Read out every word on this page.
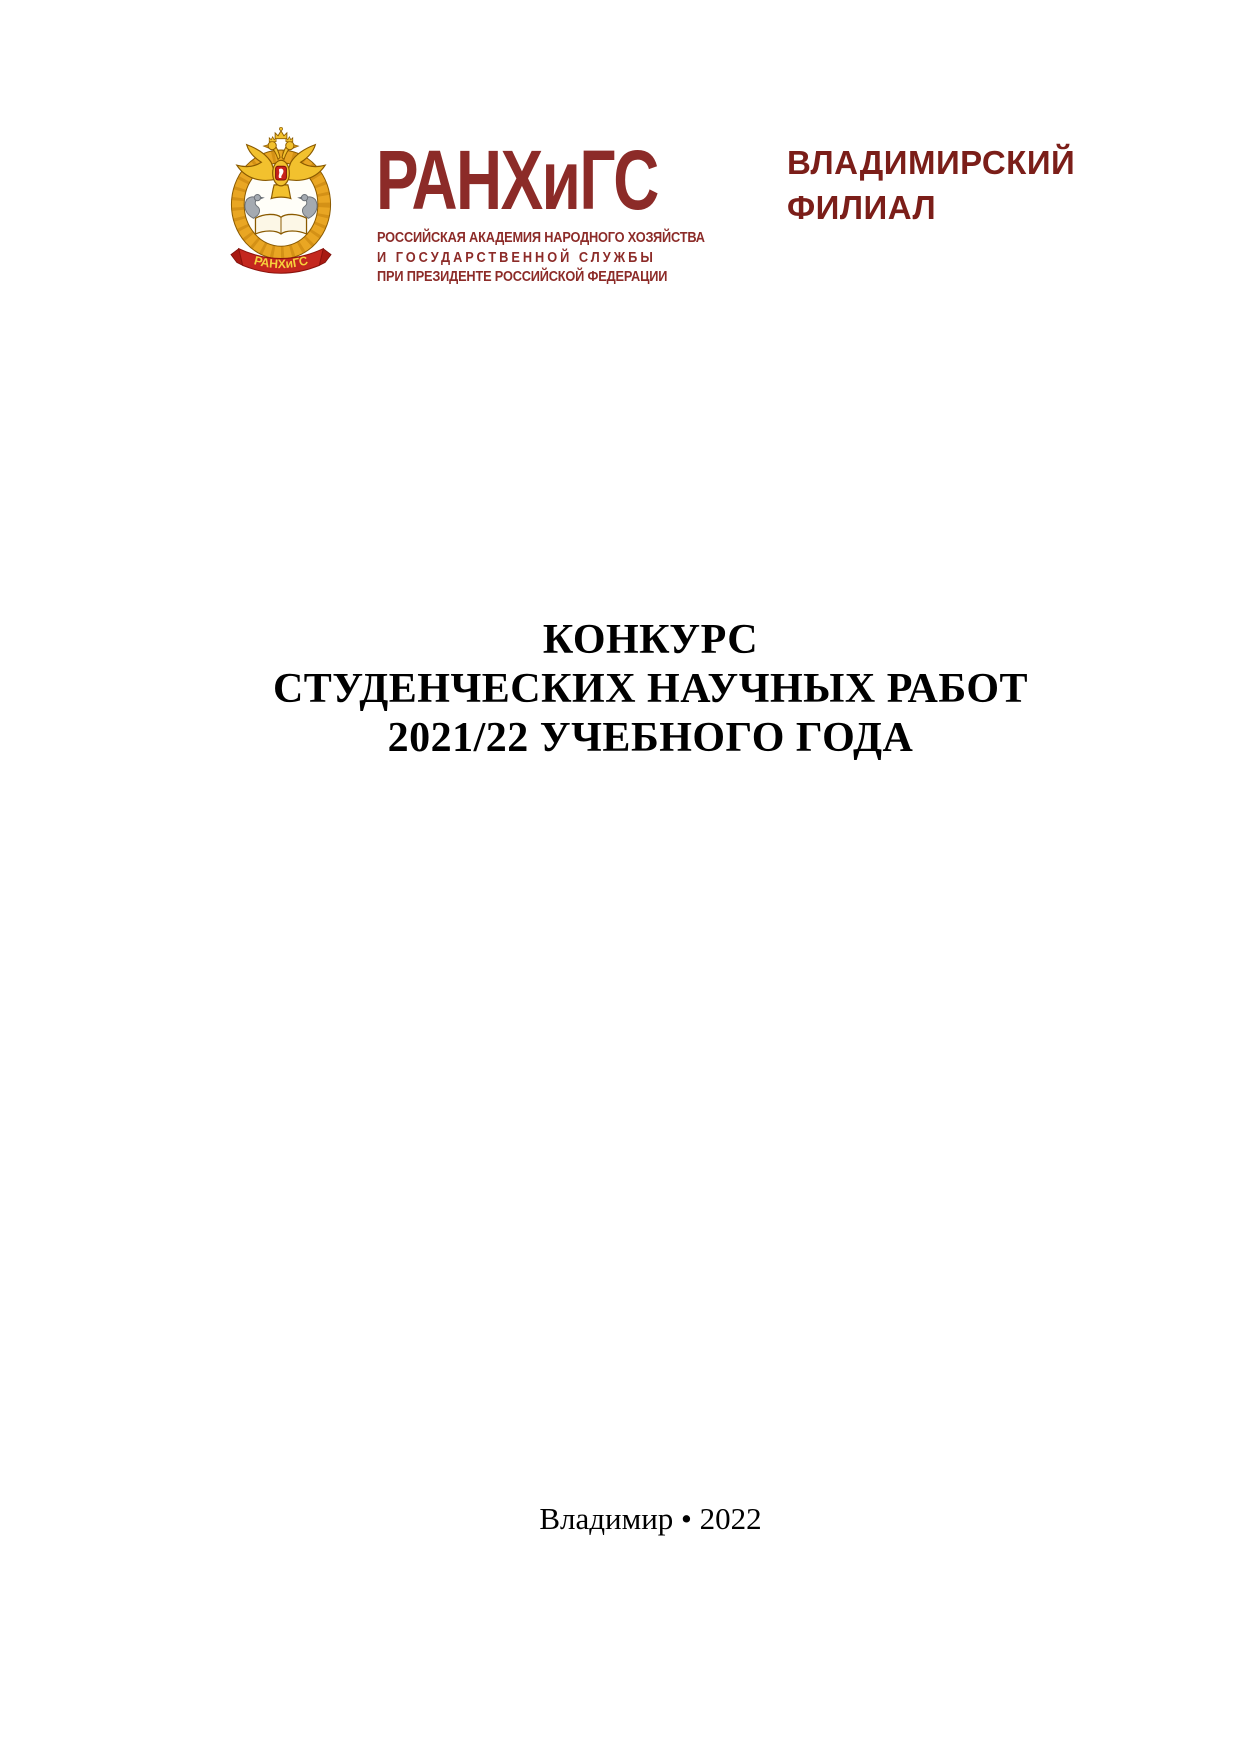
РАНХиГС
РАНХиГС
РОССИЙСКАЯ АКАДЕМИЯ НАРОДНОГО ХОЗЯЙСТВА
И ГОСУДАРСТВЕННОЙ СЛУЖБЫ
ПРИ ПРЕЗИДЕНТЕ РОССИЙСКОЙ ФЕДЕРАЦИИ
ВЛАДИМИРСКИЙ
ФИЛИАЛ
КОНКУРС
СТУДЕНЧЕСКИХ НАУЧНЫХ РАБОТ
2021/22 УЧЕБНОГО ГОДА
Владимир • 2022
